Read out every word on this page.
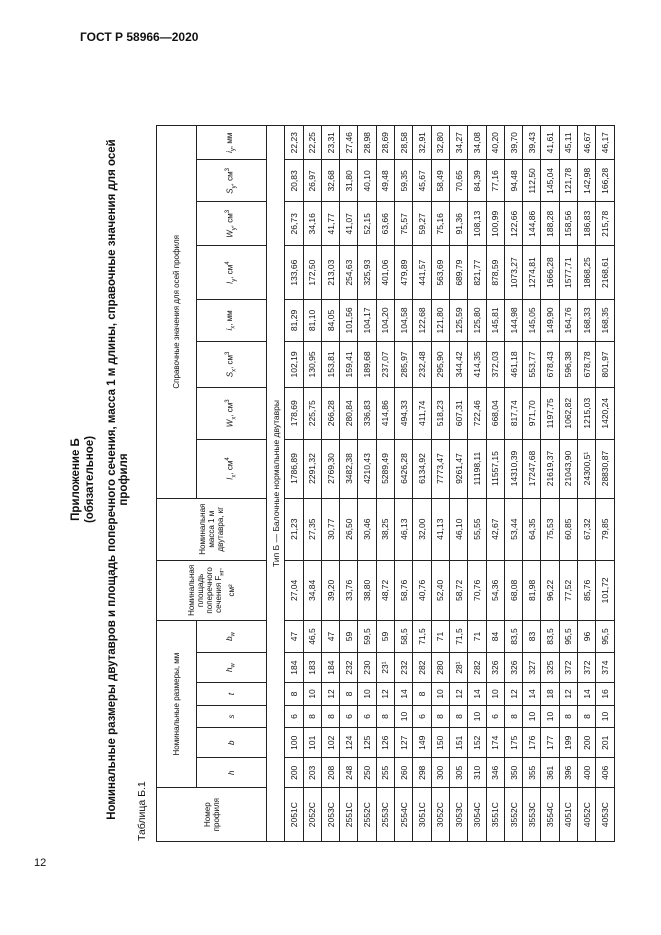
ГОСТ Р 58966—2020
12
Приложение Б (обязательное) Номинальные размеры двутавров и площадь поперечного сечения, масса 1 м длины, справочные значения для осей профиля
Таблица Б.1	Номер профиля	Номинальные размеры, мм						Номинальная площадь поперечного сечения $F_{нг}$, см²	Номинальная масса 1 м двутавра, кг	Справочные значения для осей профиля							
	h	b	s	t	$h_w$	$b_w$			$I_x$, $см^4$	$W_x$, $см^3$	$S_x$, $см^3$	$i_x$, мм	$I_y$, $см^4$	$W_y$, $см^3$	$S_y$, $см^3$	$i_y$, мм
Тип Б — Балочные нормальные двутавры																
2051С	200	100	6	8	184	47	27,04	21,23	1786,89	178,69	102,19	81,29	133,66	26,73	20,83	22,23
2052С	203	101	8	10	183	46,5	34,84	27,35	2291,32	225,75	130,95	81,10	172,50	34,16	26,97	22,25
2053С	208	102	8	12	184	47	39,20	30,77	2769,30	266,28	153,81	84,05	213,03	41,77	32,68	23,31
2551С	248	124	6	8	232	59	33,76	26,50	3482,38	280,84	159,41	101,56	254,63	41,07	31,80	27,46
2552С	250	125	6	10	230	59,5	38,80	30,46	4210,43	336,83	189,68	104,17	325,93	52,15	40,10	28,98
2553С	255	126	8	12	23¹	59	48,72	38,25	5289,49	414,86	237,07	104,20	401,06	63,66	49,48	28,69
2554С	260	127	10	14	232	58,5	58,76	46,13	6426,28	494,33	285,97	104,58	479,89	75,57	59,35	28,58
3051С	298	149	6	8	282	71,5	40,76	32,00	6134,92	411,74	232,48	122,68	441,57	59,27	45,67	32,91
3052С	300	150	8	10	280	71	52,40	41,13	7773,47	518,23	295,90	121,80	563,69	75,16	58,49	32,80
3053С	305	151	8	12	28¹	71,5	58,72	46,10	9261,47	607,31	344,42	125,59	689,79	91,36	70,65	34,27
3054С	310	152	10	14	282	71	70,76	55,55	11198,11	722,46	414,35	125,80	821,77	108,13	84,39	34,08
3551С	346	174	6	10	326	84	54,36	42,67	11557,15	668,04	372,03	145,81	878,59	100,99	77,16	40,20
3552С	350	175	8	12	326	83,5	68,08	53,44	14310,39	817,74	461,18	144,98	1073,27	122,66	94,48	39,70
3553С	355	176	10	14	327	83	81,98	64,35	17247,68	971,70	553,77	145,05	1274,81	144,86	112,50	39,43
3554С	361	177	10	18	325	83,5	96,22	75,53	21619,37	1197,75	678,43	149,90	1666,28	188,28	145,04	41,61
4051С	396	199	8	12	372	95,5	77,52	60,85	21043,90	1062,82	596,38	164,76	1577,71	158,56	121,78	45,11
4052С	400	200	8	14	372	96	85,76	67,32	24300,5¹	1215,03	678,78	168,33	1868,25	186,83	142,98	46,67
4053С	406	201	10	16	374	95,5	101,72	79,85	28830,87	1420,24	801,97	168,35	2168,61	215,78	166,28	46,17
